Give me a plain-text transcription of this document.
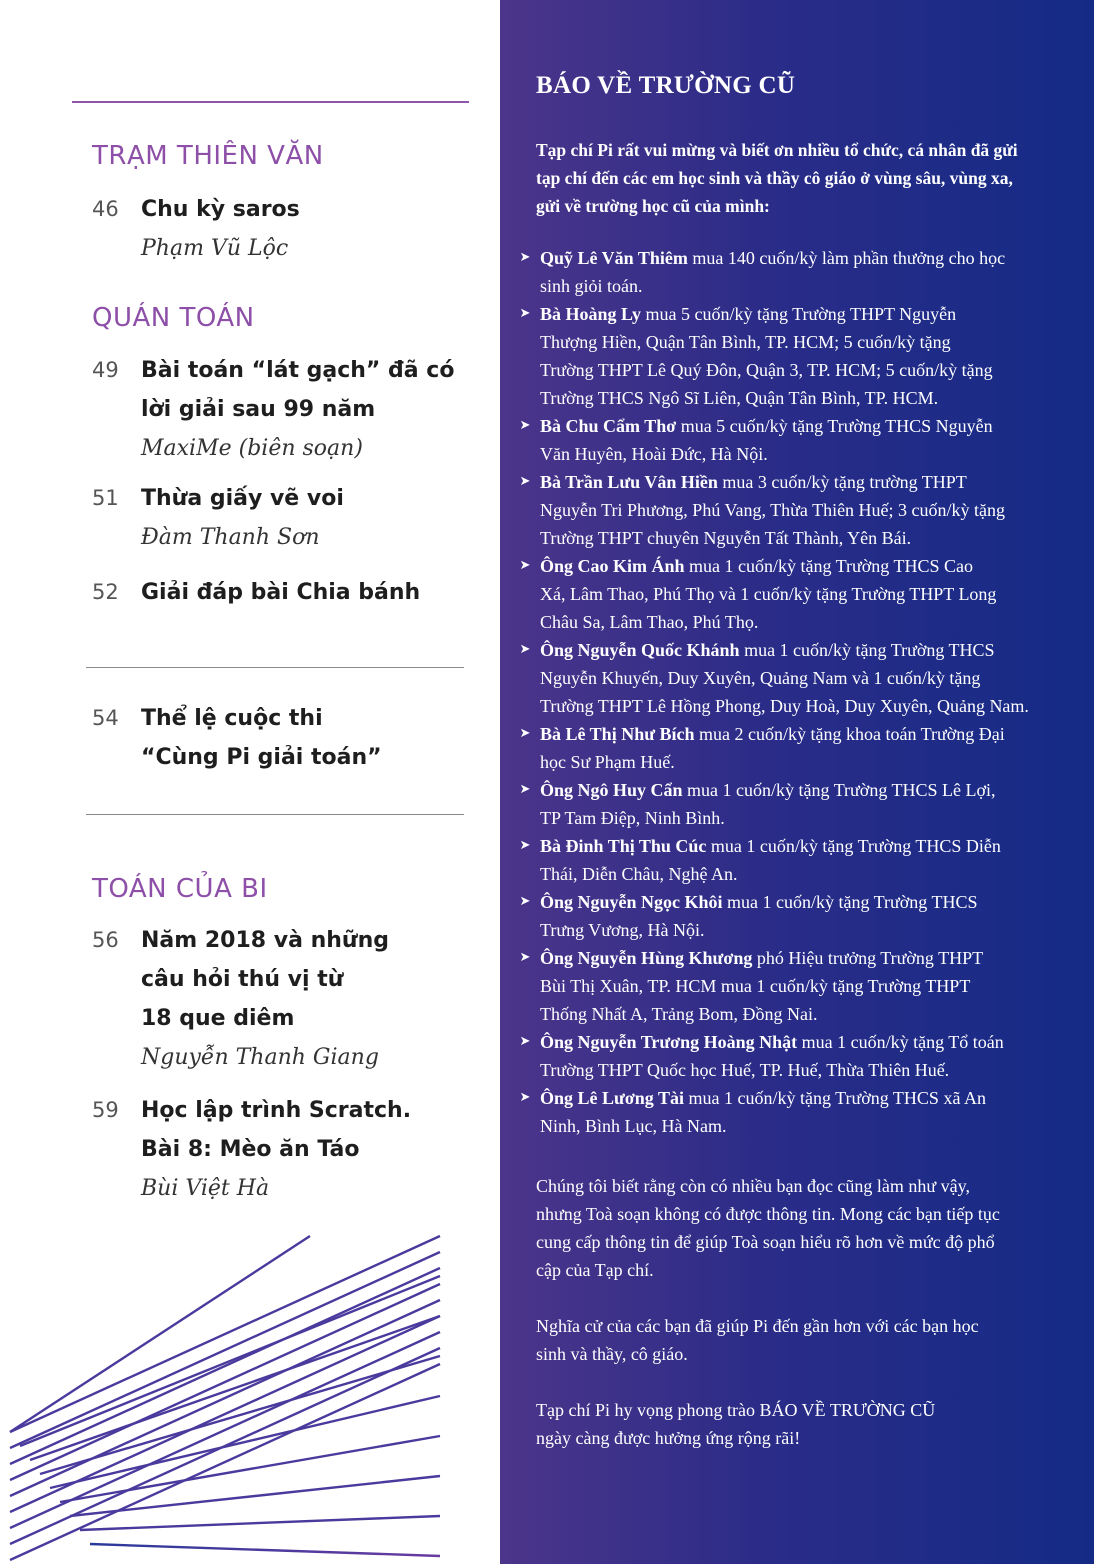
TRẠM THIÊN VĂN
46	Chu kỳ saros
Phạm Vũ Lộc
QUÁN TOÁN
49	Bài toán “lát gạch” đã có
lời giải sau 99 năm
MaxiMe (biên soạn)
51	Thừa giấy vẽ voi
Đàm Thanh Sơn
52	Giải đáp bài Chia bánh
54	Thể lệ cuộc thi
“Cùng Pi giải toán”
TOÁN CỦA BI
56	Năm 2018 và những
câu hỏi thú vị từ
18 que diêm
Nguyễn Thanh Giang
59	Học lập trình Scratch.
Bài 8: Mèo ăn Táo
Bùi Việt Hà
BÁO VỀ TRƯỜNG CŨ
Tạp chí Pi rất vui mừng và biết ơn nhiều tổ chức, cá nhân đã gửi
tạp chí đến các em học sinh và thầy cô giáo ở vùng sâu, vùng xa,
gửi về trường học cũ của mình:
➤ Quỹ Lê Văn Thiêm mua 140 cuốn/kỳ làm phần thưởng cho học
sinh giỏi toán.
➤ Bà Hoàng Ly mua 5 cuốn/kỳ tặng Trường THPT Nguyễn
Thượng Hiền, Quận Tân Bình, TP. HCM; 5 cuốn/kỳ tặng
Trường THPT Lê Quý Đôn, Quận 3, TP. HCM; 5 cuốn/kỳ tặng
Trường THCS Ngô Sĩ Liên, Quận Tân Bình, TP. HCM.
➤ Bà Chu Cẩm Thơ mua 5 cuốn/kỳ tặng Trường THCS Nguyễn
Văn Huyên, Hoài Đức, Hà Nội.
➤ Bà Trần Lưu Vân Hiền mua 3 cuốn/kỳ tặng trường THPT
Nguyễn Tri Phương, Phú Vang, Thừa Thiên Huế; 3 cuốn/kỳ tặng
Trường THPT chuyên Nguyễn Tất Thành, Yên Bái.
➤ Ông Cao Kim Ánh mua 1 cuốn/kỳ tặng Trường THCS Cao
Xá, Lâm Thao, Phú Thọ và 1 cuốn/kỳ tặng Trường THPT Long
Châu Sa, Lâm Thao, Phú Thọ.
➤ Ông Nguyễn Quốc Khánh mua 1 cuốn/kỳ tặng Trường THCS
Nguyễn Khuyến, Duy Xuyên, Quảng Nam và 1 cuốn/kỳ tặng
Trường THPT Lê Hồng Phong, Duy Hoà, Duy Xuyên, Quảng Nam.
➤ Bà Lê Thị Như Bích mua 2 cuốn/kỳ tặng khoa toán Trường Đại
học Sư Phạm Huế.
➤ Ông Ngô Huy Cẩn mua 1 cuốn/kỳ tặng Trường THCS Lê Lợi,
TP Tam Điệp, Ninh Bình.
➤ Bà Đinh Thị Thu Cúc mua 1 cuốn/kỳ tặng Trường THCS Diễn
Thái, Diễn Châu, Nghệ An.
➤ Ông Nguyễn Ngọc Khôi mua 1 cuốn/kỳ tặng Trường THCS
Trưng Vương, Hà Nội.
➤ Ông Nguyễn Hùng Khương phó Hiệu trưởng Trường THPT
Bùi Thị Xuân, TP. HCM mua 1 cuốn/kỳ tặng Trường THPT
Thống Nhất A, Trảng Bom, Đồng Nai.
➤ Ông Nguyễn Trương Hoàng Nhật mua 1 cuốn/kỳ tặng Tổ toán
Trường THPT Quốc học Huế, TP. Huế, Thừa Thiên Huế.
➤ Ông Lê Lương Tài mua 1 cuốn/kỳ tặng Trường THCS xã An
Ninh, Bình Lục, Hà Nam.
Chúng tôi biết rằng còn có nhiều bạn đọc cũng làm như vậy,
nhưng Toà soạn không có được thông tin. Mong các bạn tiếp tục
cung cấp thông tin để giúp Toà soạn hiểu rõ hơn về mức độ phổ
cập của Tạp chí.
Nghĩa cử của các bạn đã giúp Pi đến gần hơn với các bạn học
sinh và thầy, cô giáo.
Tạp chí Pi hy vọng phong trào BÁO VỀ TRƯỜNG CŨ
ngày càng được hưởng ứng rộng rãi!
